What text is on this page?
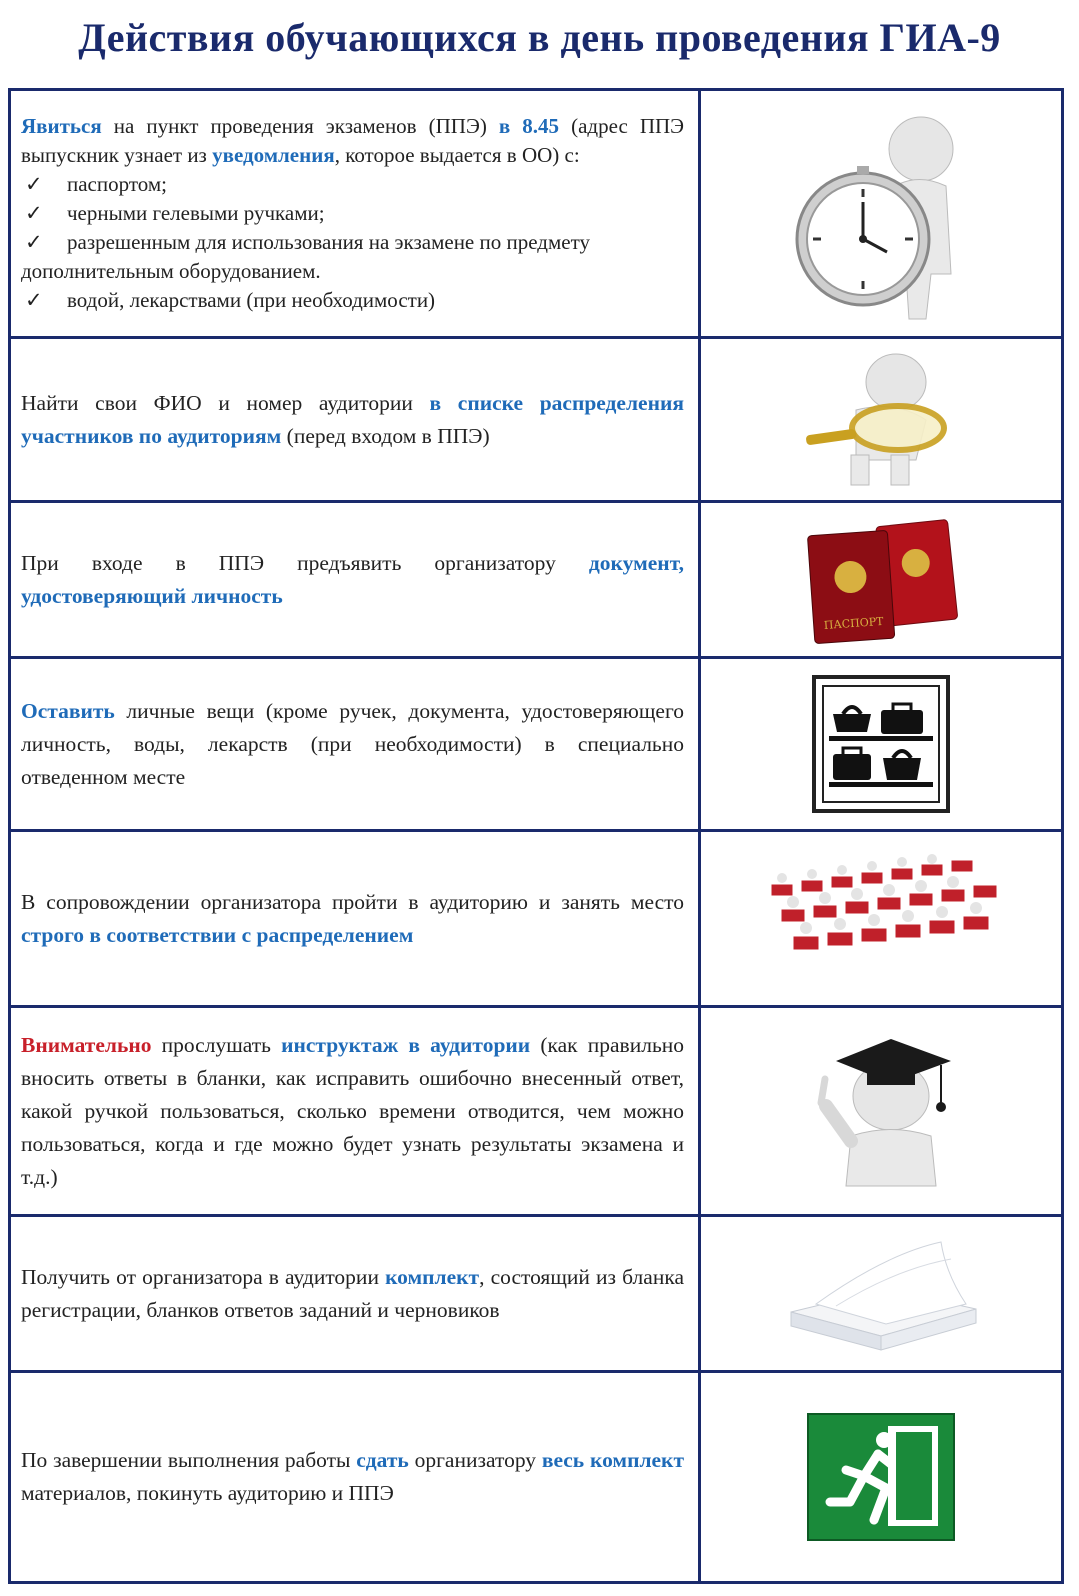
Действия обучающихся в день проведения ГИА-9

Явиться на пункт проведения экзаменов (ППЭ) в 8.45 (адрес ППЭ выпускник узнает из уведомления, которое выдается в ОО) с:

✓ паспортом;
✓ черными гелевыми ручками;
✓ разрешенным для использования на экзамене по предмету
дополнительным оборудованием.
✓ водой, лекарствами (при необходимости)

Найти свои ФИО и номер аудитории в списке распределения участников по аудиториям (перед входом в ППЭ)

При входе в ППЭ предъявить организатору документ, удостоверяющий личность

ПАСПОРТ

Оставить личные вещи (кроме ручек, документа, удостоверяющего личность, воды, лекарств (при необходимости) в специально отведенном месте

В сопровождении организатора пройти в аудиторию и занять место строго в соответствии с распределением

Внимательно прослушать инструктаж в аудитории (как правильно вносить ответы в бланки, как исправить ошибочно внесенный ответ, какой ручкой пользоваться, сколько времени отводится, чем можно пользоваться, когда и где можно будет узнать результаты экзамена и т.д.)

Получить от организатора в аудитории комплект, состоящий из бланка регистрации, бланков ответов заданий и черновиков

По завершении выполнения работы сдать организатору весь комплект материалов, покинуть аудиторию и ППЭ
